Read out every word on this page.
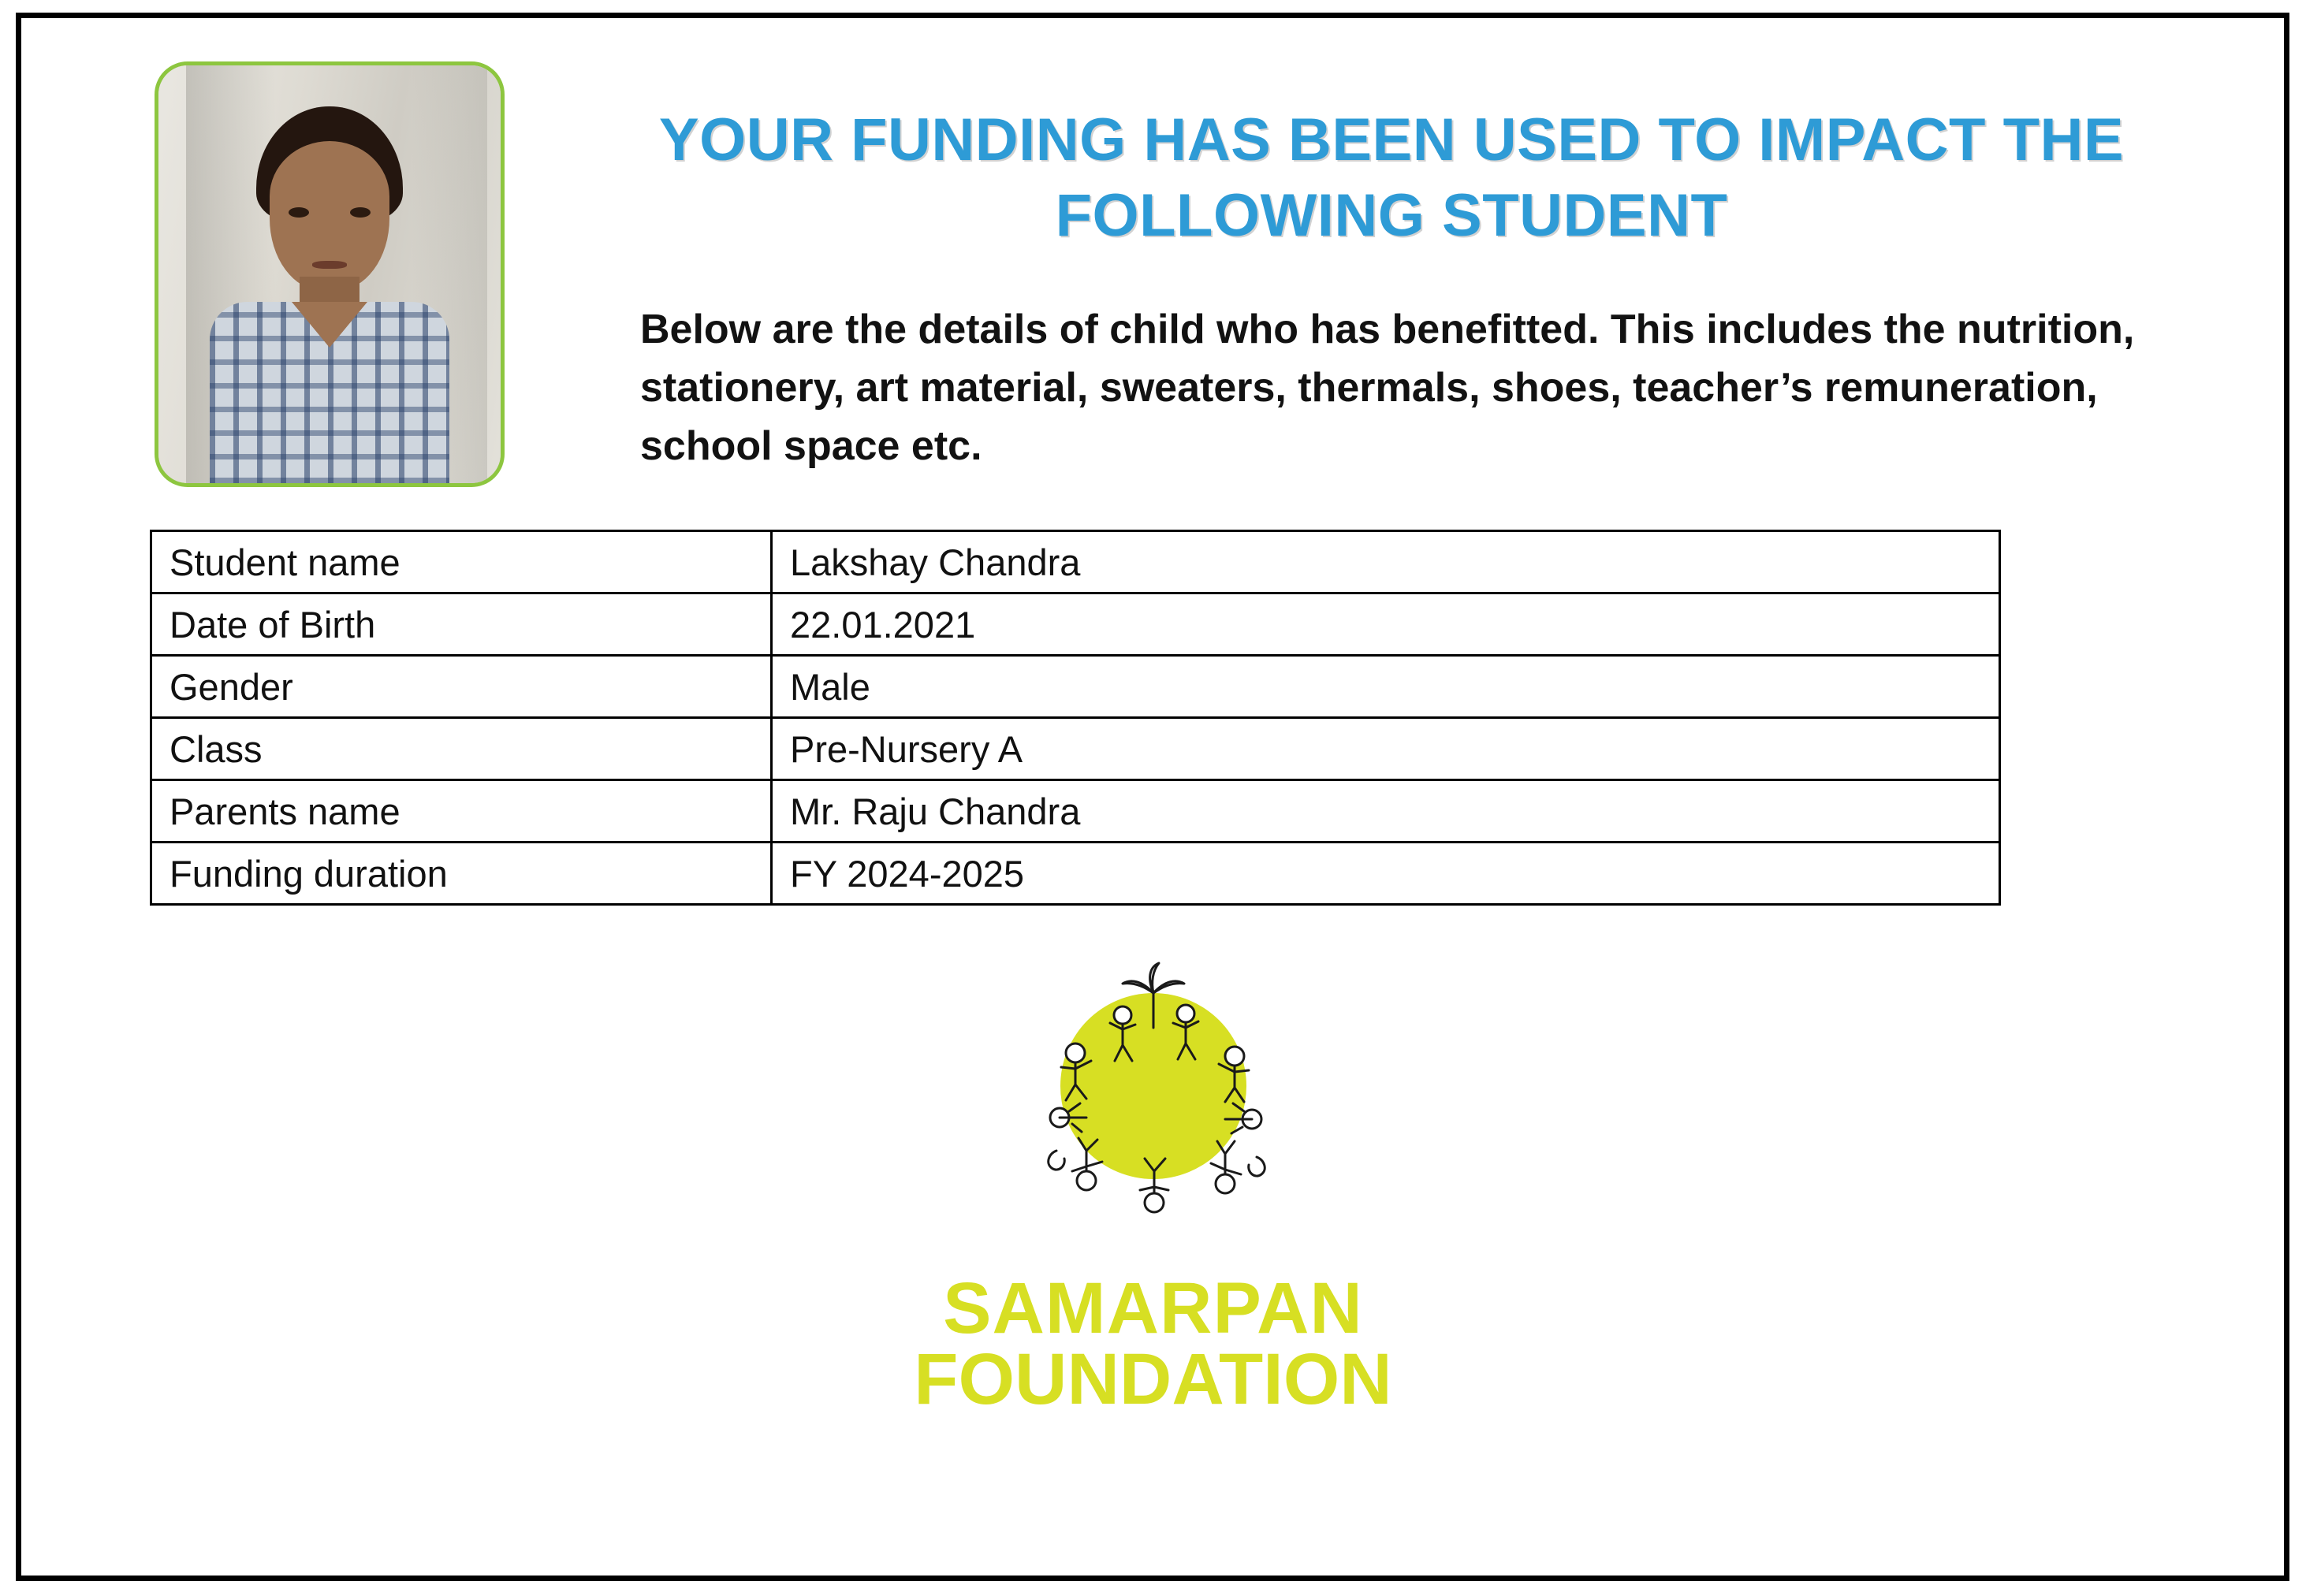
YOUR FUNDING HAS BEEN USED TO IMPACT THE FOLLOWING STUDENT
Below are the details of child who has benefitted. This includes the nutrition, stationery, art material, sweaters, thermals, shoes, teacher’s remuneration, school space etc.
Student name	Lakshay Chandra
Date of Birth	22.01.2021
Gender	Male
Class	Pre-Nursery A
Parents name	Mr. Raju Chandra
Funding duration	FY 2024-2025
SAMARPAN
FOUNDATION
